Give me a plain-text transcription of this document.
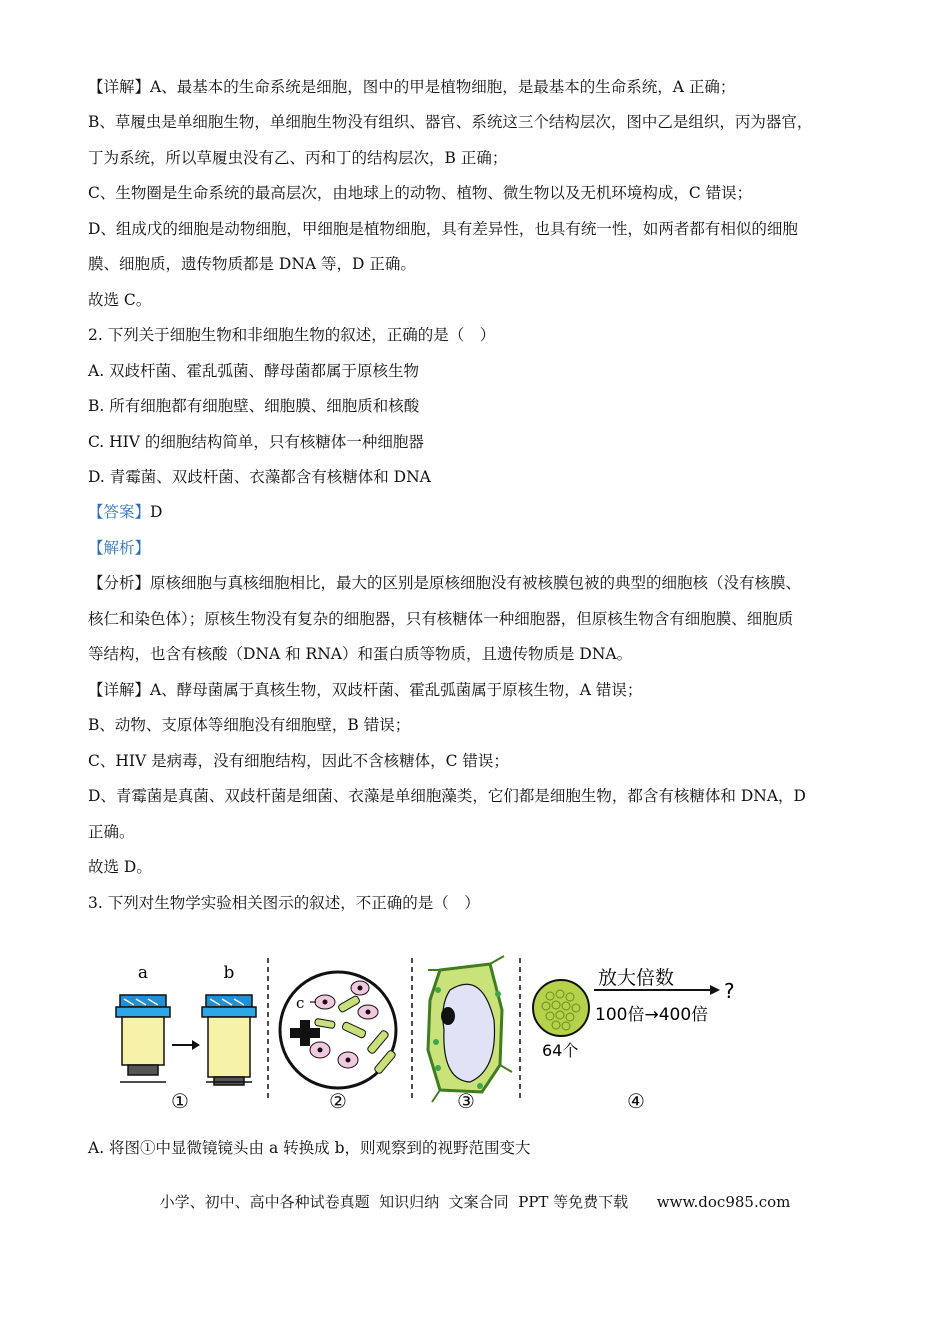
【详解】A、最基本的生命系统是细胞，图中的甲是植物细胞，是最基本的生命系统，A 正确；
B、草履虫是单细胞生物，单细胞生物没有组织、器官、系统这三个结构层次，图中乙是组织，丙为器官，
丁为系统，所以草履虫没有乙、丙和丁的结构层次，B 正确；
C、生物圈是生命系统的最高层次，由地球上的动物、植物、微生物以及无机环境构成，C 错误；
D、组成戊的细胞是动物细胞，甲细胞是植物细胞，具有差异性，也具有统一性，如两者都有相似的细胞
膜、细胞质，遗传物质都是 DNA 等，D 正确。
故选 C。
2. 下列关于细胞生物和非细胞生物的叙述，正确的是（　）
A. 双歧杆菌、霍乱弧菌、酵母菌都属于原核生物
B. 所有细胞都有细胞壁、细胞膜、细胞质和核酸
C. HIV 的细胞结构简单，只有核糖体一种细胞器
D. 青霉菌、双歧杆菌、衣藻都含有核糖体和 DNA
【答案】D
【解析】
【分析】原核细胞与真核细胞相比，最大的区别是原核细胞没有被核膜包被的典型的细胞核（没有核膜、
核仁和染色体）；原核生物没有复杂的细胞器，只有核糖体一种细胞器，但原核生物含有细胞膜、细胞质
等结构，也含有核酸（DNA 和 RNA）和蛋白质等物质，且遗传物质是 DNA。
【详解】A、酵母菌属于真核生物，双歧杆菌、霍乱弧菌属于原核生物，A 错误；
B、动物、支原体等细胞没有细胞壁，B 错误；
C、HIV 是病毒，没有细胞结构，因此不含核糖体，C 错误；
D、青霉菌是真菌、双歧杆菌是细菌、衣藻是单细胞藻类，它们都是细胞生物，都含有核糖体和 DNA，D
正确。
故选 D。
3. 下列对生物学实验相关图示的叙述，不正确的是（　）
a	b
c
放大倍数
?
100倍→400倍
64个
①	②	③	④
A. 将图①中显微镜镜头由 a 转换成 b，则观察到的视野范围变大
小学、初中、高中各种试卷真题  知识归纳  文案合同  PPT 等免费下载      www.doc985.com
